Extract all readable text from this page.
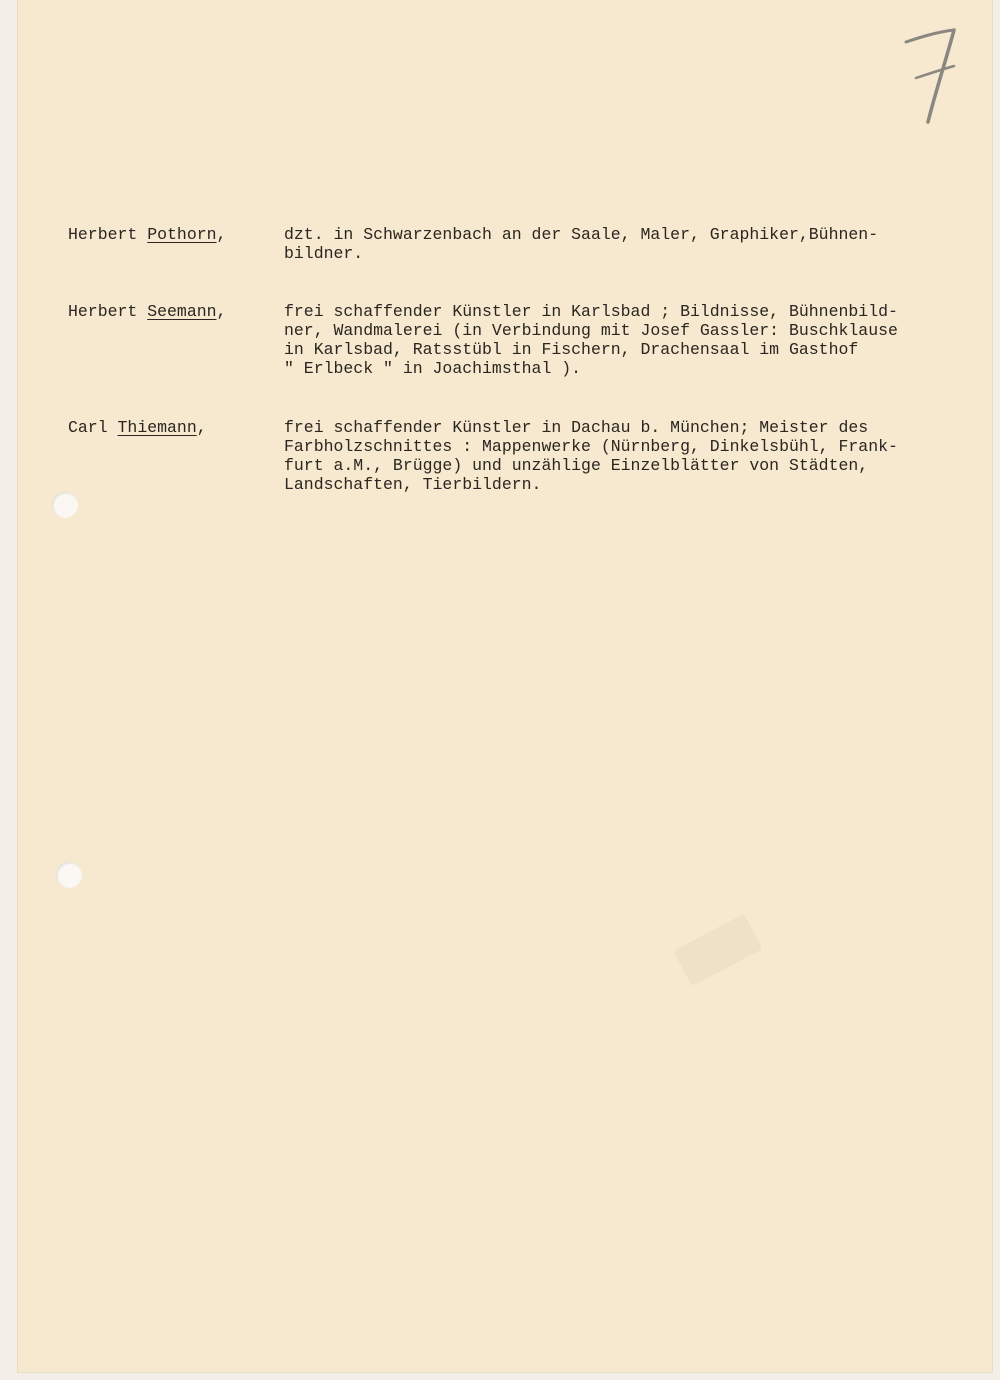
Herbert Pothorn,	dzt. in Schwarzenbach an der Saale, Maler, Graphiker,Bühnen-
bildner.
Herbert Seemann,	frei schaffender Künstler in Karlsbad ; Bildnisse, Bühnenbild-
ner, Wandmalerei (in Verbindung mit Josef Gassler: Buschklause
in Karlsbad, Ratsstübl in Fischern, Drachensaal im Gasthof
" Erlbeck " in Joachimsthal ).
Carl Thiemann,	frei schaffender Künstler in Dachau b. München; Meister des
Farbholzschnittes : Mappenwerke (Nürnberg, Dinkelsbühl, Frank-
furt a.M., Brügge) und unzählige Einzelblätter von Städten,
Landschaften, Tierbildern.
